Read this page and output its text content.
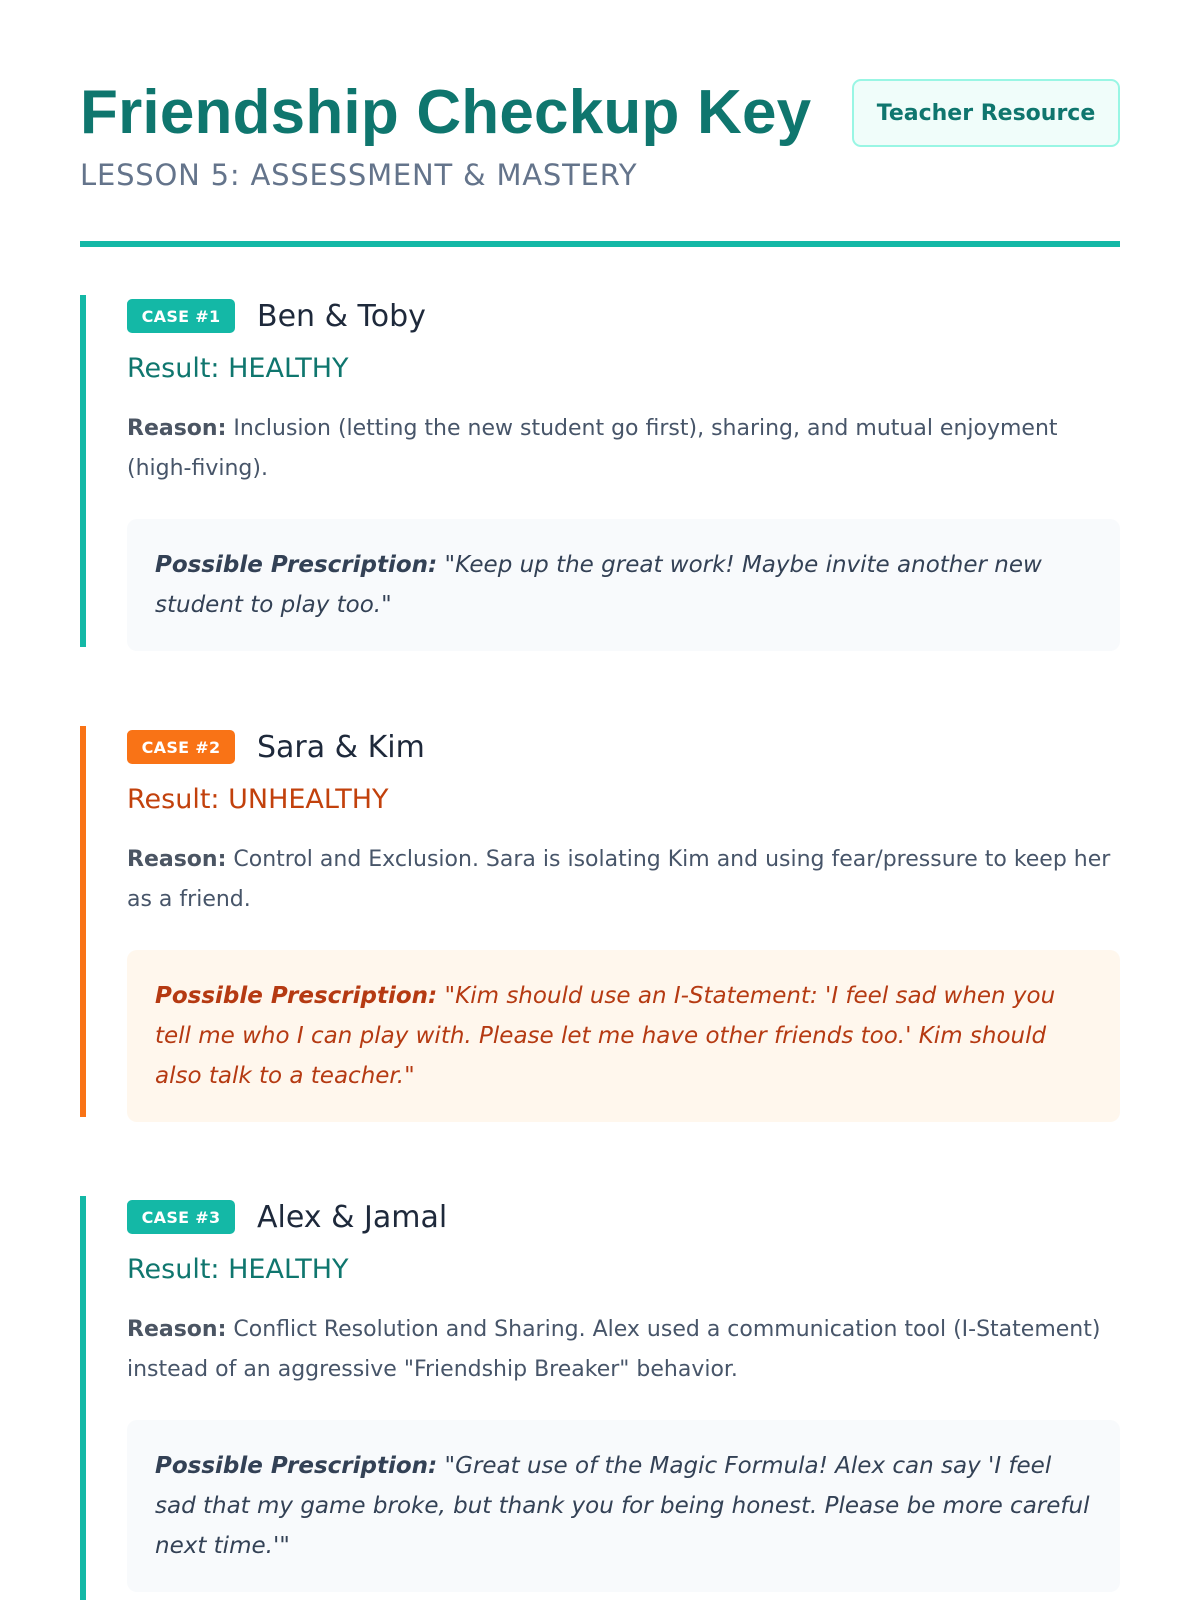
Friendship Checkup Key
LESSON 5: ASSESSMENT & MASTERY
Teacher Resource
CASE #1	Ben & Toby
Result: HEALTHY
Reason: Inclusion (letting the new student go first), sharing, and mutual enjoyment (high-fiving).
Possible Prescription: "Keep up the great work! Maybe invite another new student to play too."
CASE #2	Sara & Kim
Result: UNHEALTHY
Reason: Control and Exclusion. Sara is isolating Kim and using fear/pressure to keep her as a friend.
Possible Prescription: "Kim should use an I-Statement: 'I feel sad when you tell me who I can play with. Please let me have other friends too.' Kim should also talk to a teacher."
CASE #3	Alex & Jamal
Result: HEALTHY
Reason: Conflict Resolution and Sharing. Alex used a communication tool (I-Statement) instead of an aggressive "Friendship Breaker" behavior.
Possible Prescription: "Great use of the Magic Formula! Alex can say 'I feel sad that my game broke, but thank you for being honest. Please be more careful next time.'"
